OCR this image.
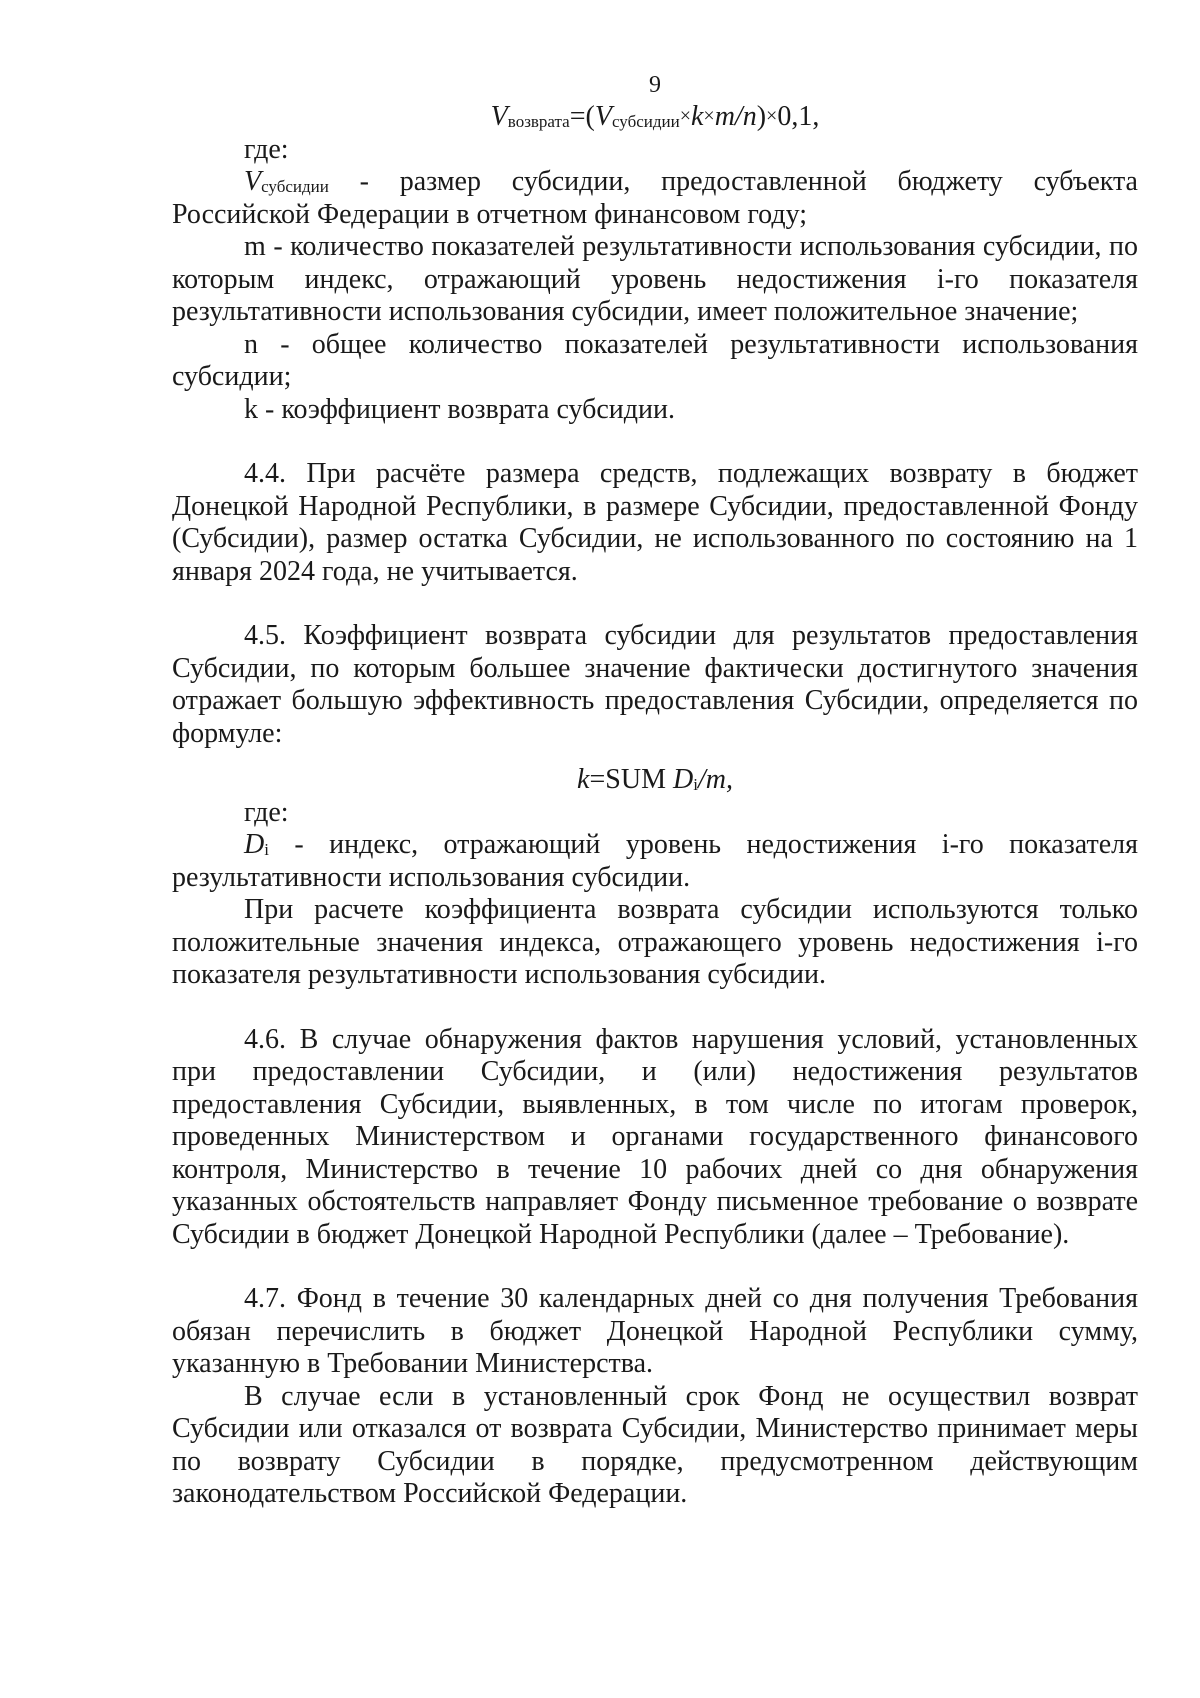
9
$V_{возврата}=(V_{субсидии}\times k\times m/n)\times 0,1$,

где:

$V_{субсидии}$ - размер субсидии, предоставленной бюджету субъекта Российской Федерации в отчетном финансовом году;

m - количество показателей результативности использования субсидии, по которым индекс, отражающий уровень недостижения i-го показателя результативности использования субсидии, имеет положительное значение;

n - общее количество показателей результативности использования субсидии;

k - коэффициент возврата субсидии.

4.4. При расчёте размера средств, подлежащих возврату в бюджет Донецкой Народной Республики, в размере Субсидии, предоставленной Фонду (Субсидии), размер остатка Субсидии, не использованного по состоянию на 1 января 2024 года, не учитывается.

4.5. Коэффициент возврата субсидии для результатов предоставления Субсидии, по которым большее значение фактически достигнутого значения отражает большую эффективность предоставления Субсидии, определяется по формуле:

k=SUM $D_i/m$,

где:

$D_i$ - индекс, отражающий уровень недостижения i-го показателя результативности использования субсидии.

При расчете коэффициента возврата субсидии используются только положительные значения индекса, отражающего уровень недостижения i-го показателя результативности использования субсидии.

4.6. В случае обнаружения фактов нарушения условий, установленных при предоставлении Субсидии, и (или) недостижения результатов предоставления Субсидии, выявленных, в том числе по итогам проверок, проведенных Министерством и органами государственного финансового контроля, Министерство в течение 10 рабочих дней со дня обнаружения указанных обстоятельств направляет Фонду письменное требование о возврате Субсидии в бюджет Донецкой Народной Республики (далее – Требование).

4.7. Фонд в течение 30 календарных дней со дня получения Требования обязан перечислить в бюджет Донецкой Народной Республики сумму, указанную в Требовании Министерства.

В случае если в установленный срок Фонд не осуществил возврат Субсидии или отказался от возврата Субсидии, Министерство принимает меры по возврату Субсидии в порядке, предусмотренном действующим законодательством Российской Федерации.
